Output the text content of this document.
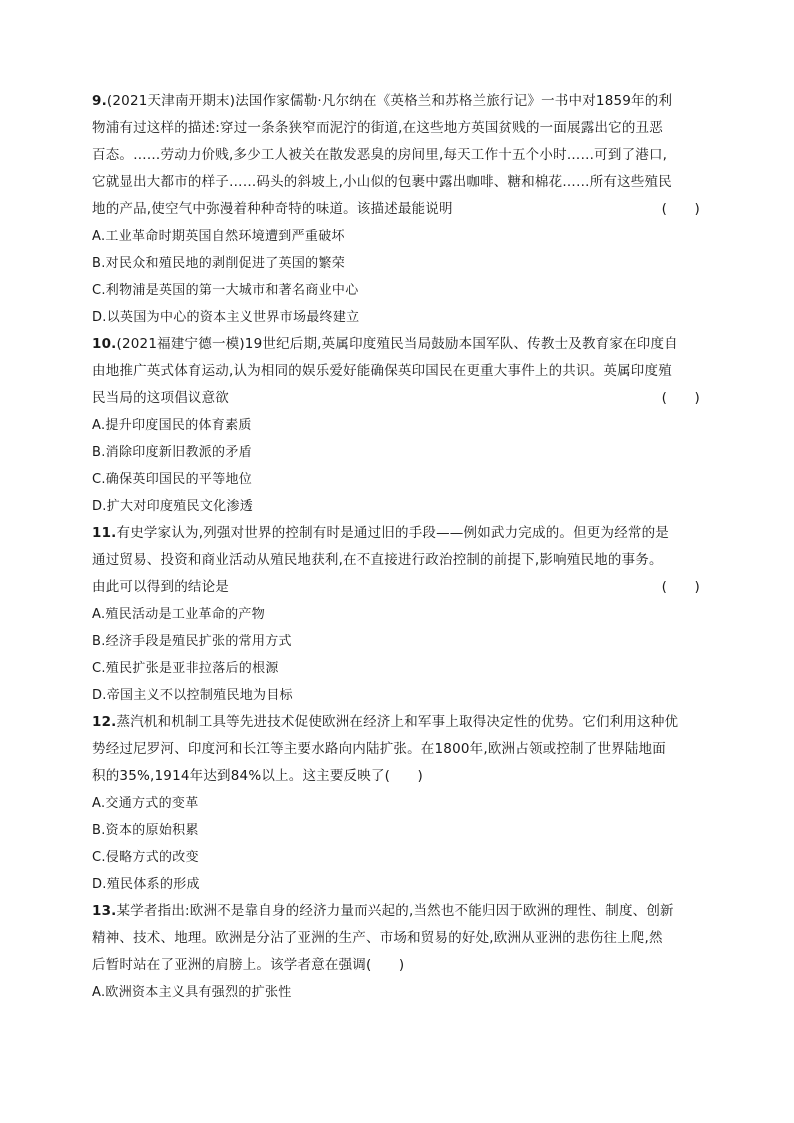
9.(2021天津南开期末)法国作家儒勒·凡尔纳在《英格兰和苏格兰旅行记》一书中对1859年的利
物浦有过这样的描述:穿过一条条狭窄而泥泞的街道,在这些地方英国贫贱的一面展露出它的丑恶
百态。……劳动力价贱,多少工人被关在散发恶臭的房间里,每天工作十五个小时……可到了港口,
它就显出大都市的样子……码头的斜坡上,小山似的包裹中露出咖啡、糖和棉花……所有这些殖民
地的产品,使空气中弥漫着种种奇特的味道。该描述最能说明	(　　)

A.工业革命时期英国自然环境遭到严重破坏

B.对民众和殖民地的剥削促进了英国的繁荣

C.利物浦是英国的第一大城市和著名商业中心

D.以英国为中心的资本主义世界市场最终建立

10.(2021福建宁德一模)19世纪后期,英属印度殖民当局鼓励本国军队、传教士及教育家在印度自
由地推广英式体育运动,认为相同的娱乐爱好能确保英印国民在更重大事件上的共识。英属印度殖
民当局的这项倡议意欲	(　　)

A.提升印度国民的体育素质

B.消除印度新旧教派的矛盾

C.确保英印国民的平等地位

D.扩大对印度殖民文化渗透

11.有史学家认为,列强对世界的控制有时是通过旧的手段——例如武力完成的。但更为经常的是
通过贸易、投资和商业活动从殖民地获利,在不直接进行政治控制的前提下,影响殖民地的事务。
由此可以得到的结论是	(　　)

A.殖民活动是工业革命的产物

B.经济手段是殖民扩张的常用方式

C.殖民扩张是亚非拉落后的根源

D.帝国主义不以控制殖民地为目标

12.蒸汽机和机制工具等先进技术促使欧洲在经济上和军事上取得决定性的优势。它们利用这种优
势经过尼罗河、印度河和长江等主要水路向内陆扩张。在1800年,欧洲占领或控制了世界陆地面
积的35%,1914年达到84%以上。这主要反映了(　　)

A.交通方式的变革

B.资本的原始积累

C.侵略方式的改变

D.殖民体系的形成

13.某学者指出:欧洲不是靠自身的经济力量而兴起的,当然也不能归因于欧洲的理性、制度、创新
精神、技术、地理。欧洲是分沾了亚洲的生产、市场和贸易的好处,欧洲从亚洲的悲伤往上爬,然
后暂时站在了亚洲的肩膀上。该学者意在强调(　　)

A.欧洲资本主义具有强烈的扩张性
